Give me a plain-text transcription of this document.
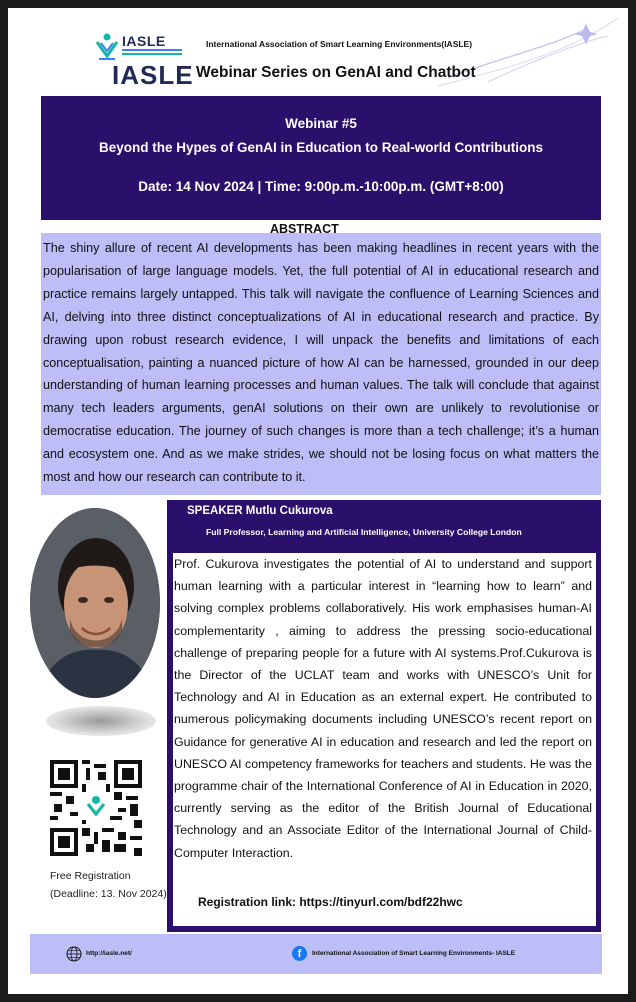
IASLE
IASLE
International Association of Smart Learning Environments(IASLE)
Webinar Series on GenAI and Chatbot
Webinar #5
Beyond the Hypes of GenAI in Education to Real-world Contributions
Date: 14 Nov 2024 | Time: 9:00p.m.-10:00p.m. (GMT+8:00)
ABSTRACT
The shiny allure of recent AI developments has been making headlines in recent years with the popularisation of large language models. Yet, the full potential of AI in educational research and practice remains largely untapped. This talk will navigate the confluence of Learning Sciences and AI, delving into three distinct conceptualizations of AI in educational research and practice. By drawing upon robust research evidence, I will unpack the benefits and limitations of each conceptualisation, painting a nuanced picture of how AI can be harnessed, grounded in our deep understanding of human learning processes and human values. The talk will conclude that against many tech leaders arguments, genAI solutions on their own are unlikely to revolutionise or democratise education. The journey of such changes is more than a tech challenge; it’s a human and ecosystem one. And as we make strides, we should not be losing focus on what matters the most and how our research can contribute to it.
SPEAKER Mutlu Cukurova
Full Professor, Learning and Artificial Intelligence, University College London
Prof. Cukurova investigates the potential of AI to understand and support human learning with a particular interest in “learning how to learn” and solving complex problems collaboratively. His work emphasises human-AI complementarity , aiming to address the pressing socio-educational challenge of preparing people for a future with AI systems.Prof.Cukurova is the Director of the UCLAT team and works with UNESCO’s Unit for Technology and AI in Education as an external expert. He contributed to numerous policymaking documents including UNESCO’s recent report on Guidance for generative AI in education and research and led the report on UNESCO AI competency frameworks for teachers and students. He was the programme chair of the International Conference of AI in Education in 2020, currently serving as the editor of the British Journal of Educational Technology and an Associate Editor of the International Journal of Child-Computer Interaction.
Registration link: https://tinyurl.com/bdf22hwc
Free Registration
(Deadline: 13. Nov 2024)
http://iasle.net/	f	International Association of Smart Learning Environments- IASLE
